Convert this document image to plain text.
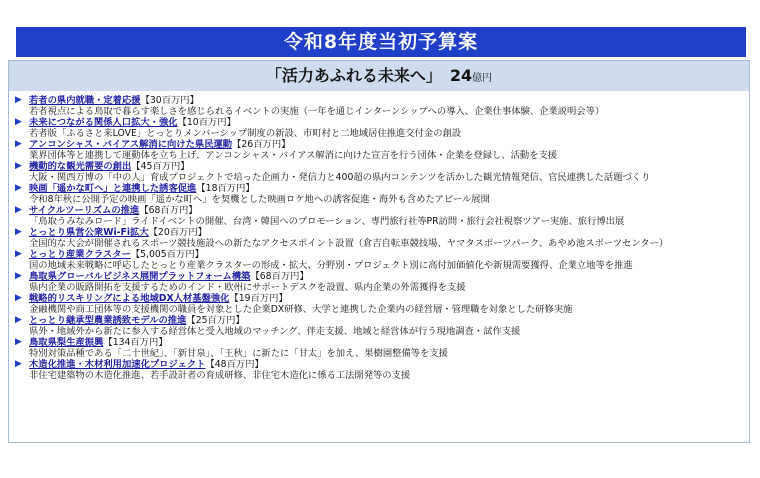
令和8年度当初予算案
「活力あふれる未来へ」 24億円
▶ 若者の県内就職・定着応援【30百万円】
若者視点による鳥取で暮らす楽しさを感じられるイベントの実施（一年を通じインターンシップへの導入、企業仕事体験、企業説明会等）
▶ 未来につながる関係人口拡大・強化【10百万円】
若者版「ふるさと来LOVE」とっとりメンバーシップ制度の新設、市町村と二地域居住推進交付金の創設
▶ アンコンシャス・バイアス解消に向けた県民運動【26百万円】
業界団体等と連携して運動体を立ち上げ、アンコンシャス・バイアス解消に向けた宣言を行う団体・企業を登録し、活動を支援
▶ 機動的な観光需要の創出【45百万円】
大阪・関西万博の「中の人」育成プロジェクトで培った企画力・発信力と400超の県内コンテンツを活かした観光情報発信、官民連携した話題づくり
▶ 映画「遥かな町へ」と連携した誘客促進【18百万円】
令和8年秋に公開予定の映画「遥かな町へ」を契機とした映画ロケ地への誘客促進・海外も含めたアピール展開
▶ サイクルツーリズムの推進【68百万円】
「鳥取うみなみロード」ライドイベントの開催、台湾・韓国へのプロモーション、専門旅行社等PR訪問・旅行会社視察ツアー実施、旅行博出展
▶ とっとり県営公衆Wi-Fi拡大【20百万円】
全国的な大会が開催されるスポーツ競技施設への新たなアクセスポイント設置（倉吉自転車競技場、ヤマタスポーツパーク、あやめ池スポーツセンター）
▶ とっとり産業クラスター【5,005百万円】
国の地域未来戦略に呼応したとっとり産業クラスターの形成・拡大、分野別・プロジェクト別に高付加価値化や新規需要獲得、企業立地等を推進
▶ 鳥取県グローバルビジネス展開プラットフォーム構築【68百万円】
県内企業の販路開拓を支援するためのインド・欧州にサポートデスクを設置、県内企業の外需獲得を支援
▶ 戦略的リスキリングによる地域DX人材基盤強化【19百万円】
金融機関や商工団体等の支援機関の職員を対象とした企業DX研修、大学と連携した企業内の経営層・管理職を対象とした研修実施
▶ とっとり継承型農業誘致モデルの推進【25百万円】
県外・地域外から新たに参入する経営体と受入地域のマッチング、伴走支援、地域と経営体が行う現地調査・試作支援
▶ 鳥取県梨生産振興【134百万円】
特別対策品種である「二十世紀」、「新甘泉」、「王秋」に新たに「甘太」を加え、果樹園整備等を支援
▶ 木造化推進・木材利用加速化プロジェクト【48百万円】
非住宅建築物の木造化推進、若手設計者の育成研修、非住宅木造化に係る工法開発等の支援
